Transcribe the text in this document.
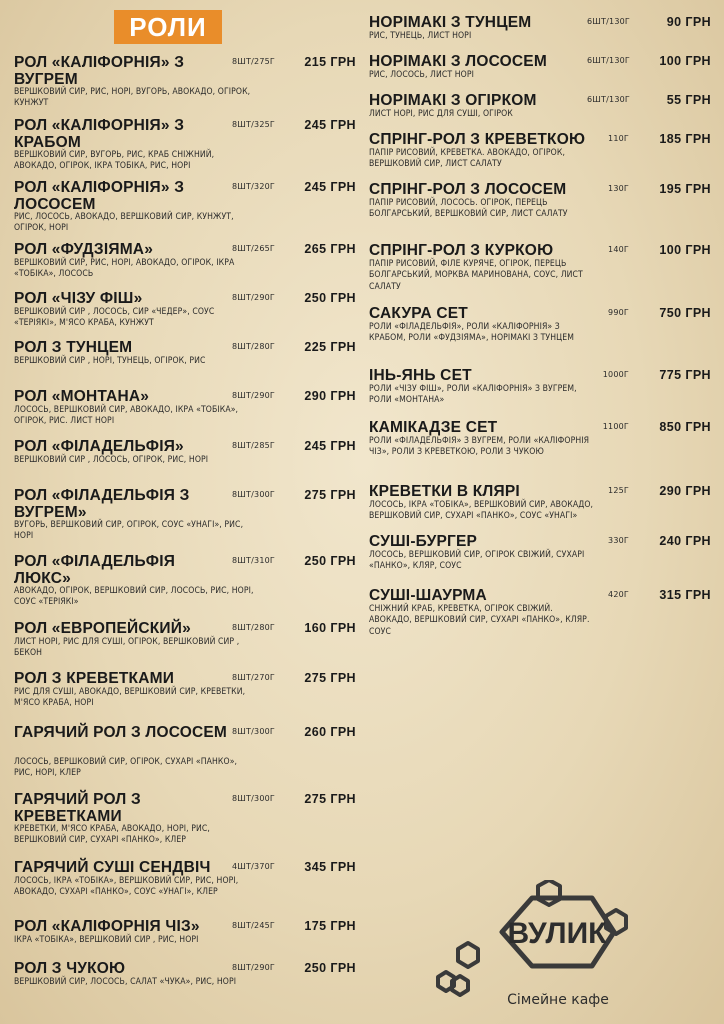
РОЛИ
РОЛ «КАЛІФОРНІЯ» З ВУГРЕМ
8ШТ/275Г 215 ГРН
ВЕРШКОВИЙ СИР, РИС, НОРІ, ВУГОРЬ, АВОКАДО, ОГІРОК, КУНЖУТ
РОЛ «КАЛІФОРНІЯ» З КРАБОМ
8ШТ/325Г 245 ГРН
ВЕРШКОВИЙ СИР, ВУГОРЬ, РИС, КРАБ СНІЖНИЙ, АВОКАДО, ОГІРОК, ІКРА ТОБІКА, РИС, НОРІ
РОЛ «КАЛІФОРНІЯ» З ЛОСОСЕМ
8ШТ/320Г 245 ГРН
РИС, ЛОСОСЬ, АВОКАДО, ВЕРШКОВИЙ СИР, КУНЖУТ, ОГІРОК, НОРІ
РОЛ «ФУДЗІЯМА»	8ШТ/265Г 265 ГРН
ВЕРШКОВИЙ СИР, РИС, НОРІ, АВОКАДО, ОГІРОК, ІКРА «ТОБІКА», ЛОСОСЬ
РОЛ «ЧІЗУ ФІШ»	8ШТ/290Г 250 ГРН
ВЕРШКОВИЙ СИР , ЛОСОСЬ, СИР «ЧЕДЕР», СОУС «ТЕРІЯКІ», М'ЯСО КРАБА, КУНЖУТ
РОЛ З ТУНЦЕМ	8ШТ/280Г 225 ГРН
ВЕРШКОВИЙ СИР , НОРІ, ТУНЕЦЬ, ОГІРОК, РИС
РОЛ «МОНТАНА»	8ШТ/290Г 290 ГРН
ЛОСОСЬ, ВЕРШКОВИЙ СИР, АВОКАДО, ІКРА «ТОБІКА», ОГІРОК, РИС. ЛИСТ НОРІ
РОЛ «ФІЛАДЕЛЬФІЯ»	8ШТ/285Г 245 ГРН
ВЕРШКОВИЙ СИР , ЛОСОСЬ, ОГІРОК, РИС, НОРІ
РОЛ «ФІЛАДЕЛЬФІЯ З ВУГРЕМ»
8ШТ/300Г 275 ГРН
ВУГОРЬ, ВЕРШКОВИЙ СИР, ОГІРОК, СОУС «УНАГІ», РИС, НОРІ
РОЛ «ФІЛАДЕЛЬФІЯ ЛЮКС»
8ШТ/310Г 250 ГРН
АВОКАДО, ОГІРОК, ВЕРШКОВИЙ СИР, ЛОСОСЬ, РИС, НОРІ, СОУС «ТЕРІЯКІ»
РОЛ «ЕВРОПЕЙСКИЙ»	8ШТ/280Г 160 ГРН
ЛИСТ НОРІ, РИС ДЛЯ СУШІ, ОГІРОК, ВЕРШКОВИЙ СИР , БЕКОН
РОЛ З КРЕВЕТКАМИ	8ШТ/270Г 275 ГРН
РИС ДЛЯ СУШІ, АВОКАДО, ВЕРШКОВИЙ СИР, КРЕВЕТКИ, М'ЯСО КРАБА, НОРІ
ГАРЯЧИЙ РОЛ З ЛОСОСЕМ 8ШТ/300Г 260 ГРН
ЛОСОСЬ, ВЕРШКОВИЙ СИР, ОГІРОК, СУХАРІ «ПАНКО», РИС, НОРІ, КЛЕР
ГАРЯЧИЙ РОЛ З КРЕВЕТКАМИ
8ШТ/300Г 275 ГРН
КРЕВЕТКИ, М'ЯСО КРАБА, АВОКАДО, НОРІ, РИС, ВЕРШКОВИЙ СИР, СУХАРІ «ПАНКО», КЛЕР
ГАРЯЧИЙ СУШІ СЕНДВІЧ	4ШТ/370Г 345 ГРН
ЛОСОСЬ, ІКРА «ТОБІКА», ВЕРШКОВИЙ СИР, РИС, НОРІ, АВОКАДО, СУХАРІ «ПАНКО», СОУС «УНАГІ», КЛЕР
РОЛ «КАЛІФОРНІЯ ЧІЗ»	8ШТ/245Г 175 ГРН
ІКРА «ТОБІКА», ВЕРШКОВИЙ СИР , РИС, НОРІ
РОЛ З ЧУКОЮ	8ШТ/290Г 250 ГРН
ВЕРШКОВИЙ СИР, ЛОСОСЬ, САЛАТ «ЧУКА», РИС, НОРІ
НОРІМАКІ З ТУНЦЕМ	6ШТ/130Г	90 ГРН
РИС, ТУНЕЦЬ, ЛИСТ НОРІ
НОРІМАКІ З ЛОСОСЕМ	6ШТ/130Г 100 ГРН
РИС, ЛОСОСЬ, ЛИСТ НОРІ
НОРІМАКІ З ОГІРКОМ	6ШТ/130Г	55 ГРН
ЛИСТ НОРІ, РИС ДЛЯ СУШІ, ОГІРОК
СПРІНГ-РОЛ З КРЕВЕТКОЮ	110Г 185 ГРН
ПАПІР РИСОВИЙ, КРЕВЕТКА. АВОКАДО, ОГІРОК, ВЕРШКОВИЙ СИР, ЛИСТ САЛАТУ
СПРІНГ-РОЛ З ЛОСОСЕМ	130Г 195 ГРН
ПАПІР РИСОВИЙ, ЛОСОСЬ. ОГІРОК, ПЕРЕЦЬ БОЛГАРСЬКИЙ, ВЕРШКОВИЙ СИР, ЛИСТ САЛАТУ
СПРІНГ-РОЛ З КУРКОЮ	140Г 100 ГРН
ПАПІР РИСОВИЙ, ФІЛЕ КУРЯЧЕ, ОГІРОК, ПЕРЕЦЬ БОЛГАРСЬКИЙ, МОРКВА МАРИНОВАНА, СОУС, ЛИСТ САЛАТУ
САКУРА СЕТ	990Г 750 ГРН
РОЛИ «ФІЛАДЕЛЬФІЯ», РОЛИ «КАЛІФОРНІЯ» З КРАБОМ, РОЛИ «ФУДЗІЯМА», НОРІМАКІ З ТУНЦЕМ
ІНЬ-ЯНЬ СЕТ	1000Г 775 ГРН
РОЛИ «ЧІЗУ ФІШ», РОЛИ «КАЛІФОРНІЯ» З ВУГРЕМ, РОЛИ «МОНТАНА»
КАМІКАДЗЕ СЕТ	1100Г 850 ГРН
РОЛИ «ФІЛАДЕЛЬФІЯ» З ВУГРЕМ, РОЛИ «КАЛІФОРНІЯ ЧІЗ», РОЛИ З КРЕВЕТКОЮ, РОЛИ З ЧУКОЮ
КРЕВЕТКИ В КЛЯРІ	125Г 290 ГРН
ЛОСОСЬ, ІКРА «ТОБІКА», ВЕРШКОВИЙ СИР, АВОКАДО, ВЕРШКОВИЙ СИР, СУХАРІ «ПАНКО», СОУС «УНАГІ»
СУШІ-БУРГЕР	330Г 240 ГРН
ЛОСОСЬ, ВЕРШКОВИЙ СИР, ОГІРОК СВІЖИЙ, СУХАРІ «ПАНКО», КЛЯР, СОУС
СУШІ-ШАУРМА	420Г 315 ГРН
СНІЖНИЙ КРАБ, КРЕВЕТКА, ОГІРОК СВІЖИЙ. АВОКАДО, ВЕРШКОВИЙ СИР, СУХАРІ «ПАНКО», КЛЯР. СОУС
ВУЛИК
Сімейне кафе
